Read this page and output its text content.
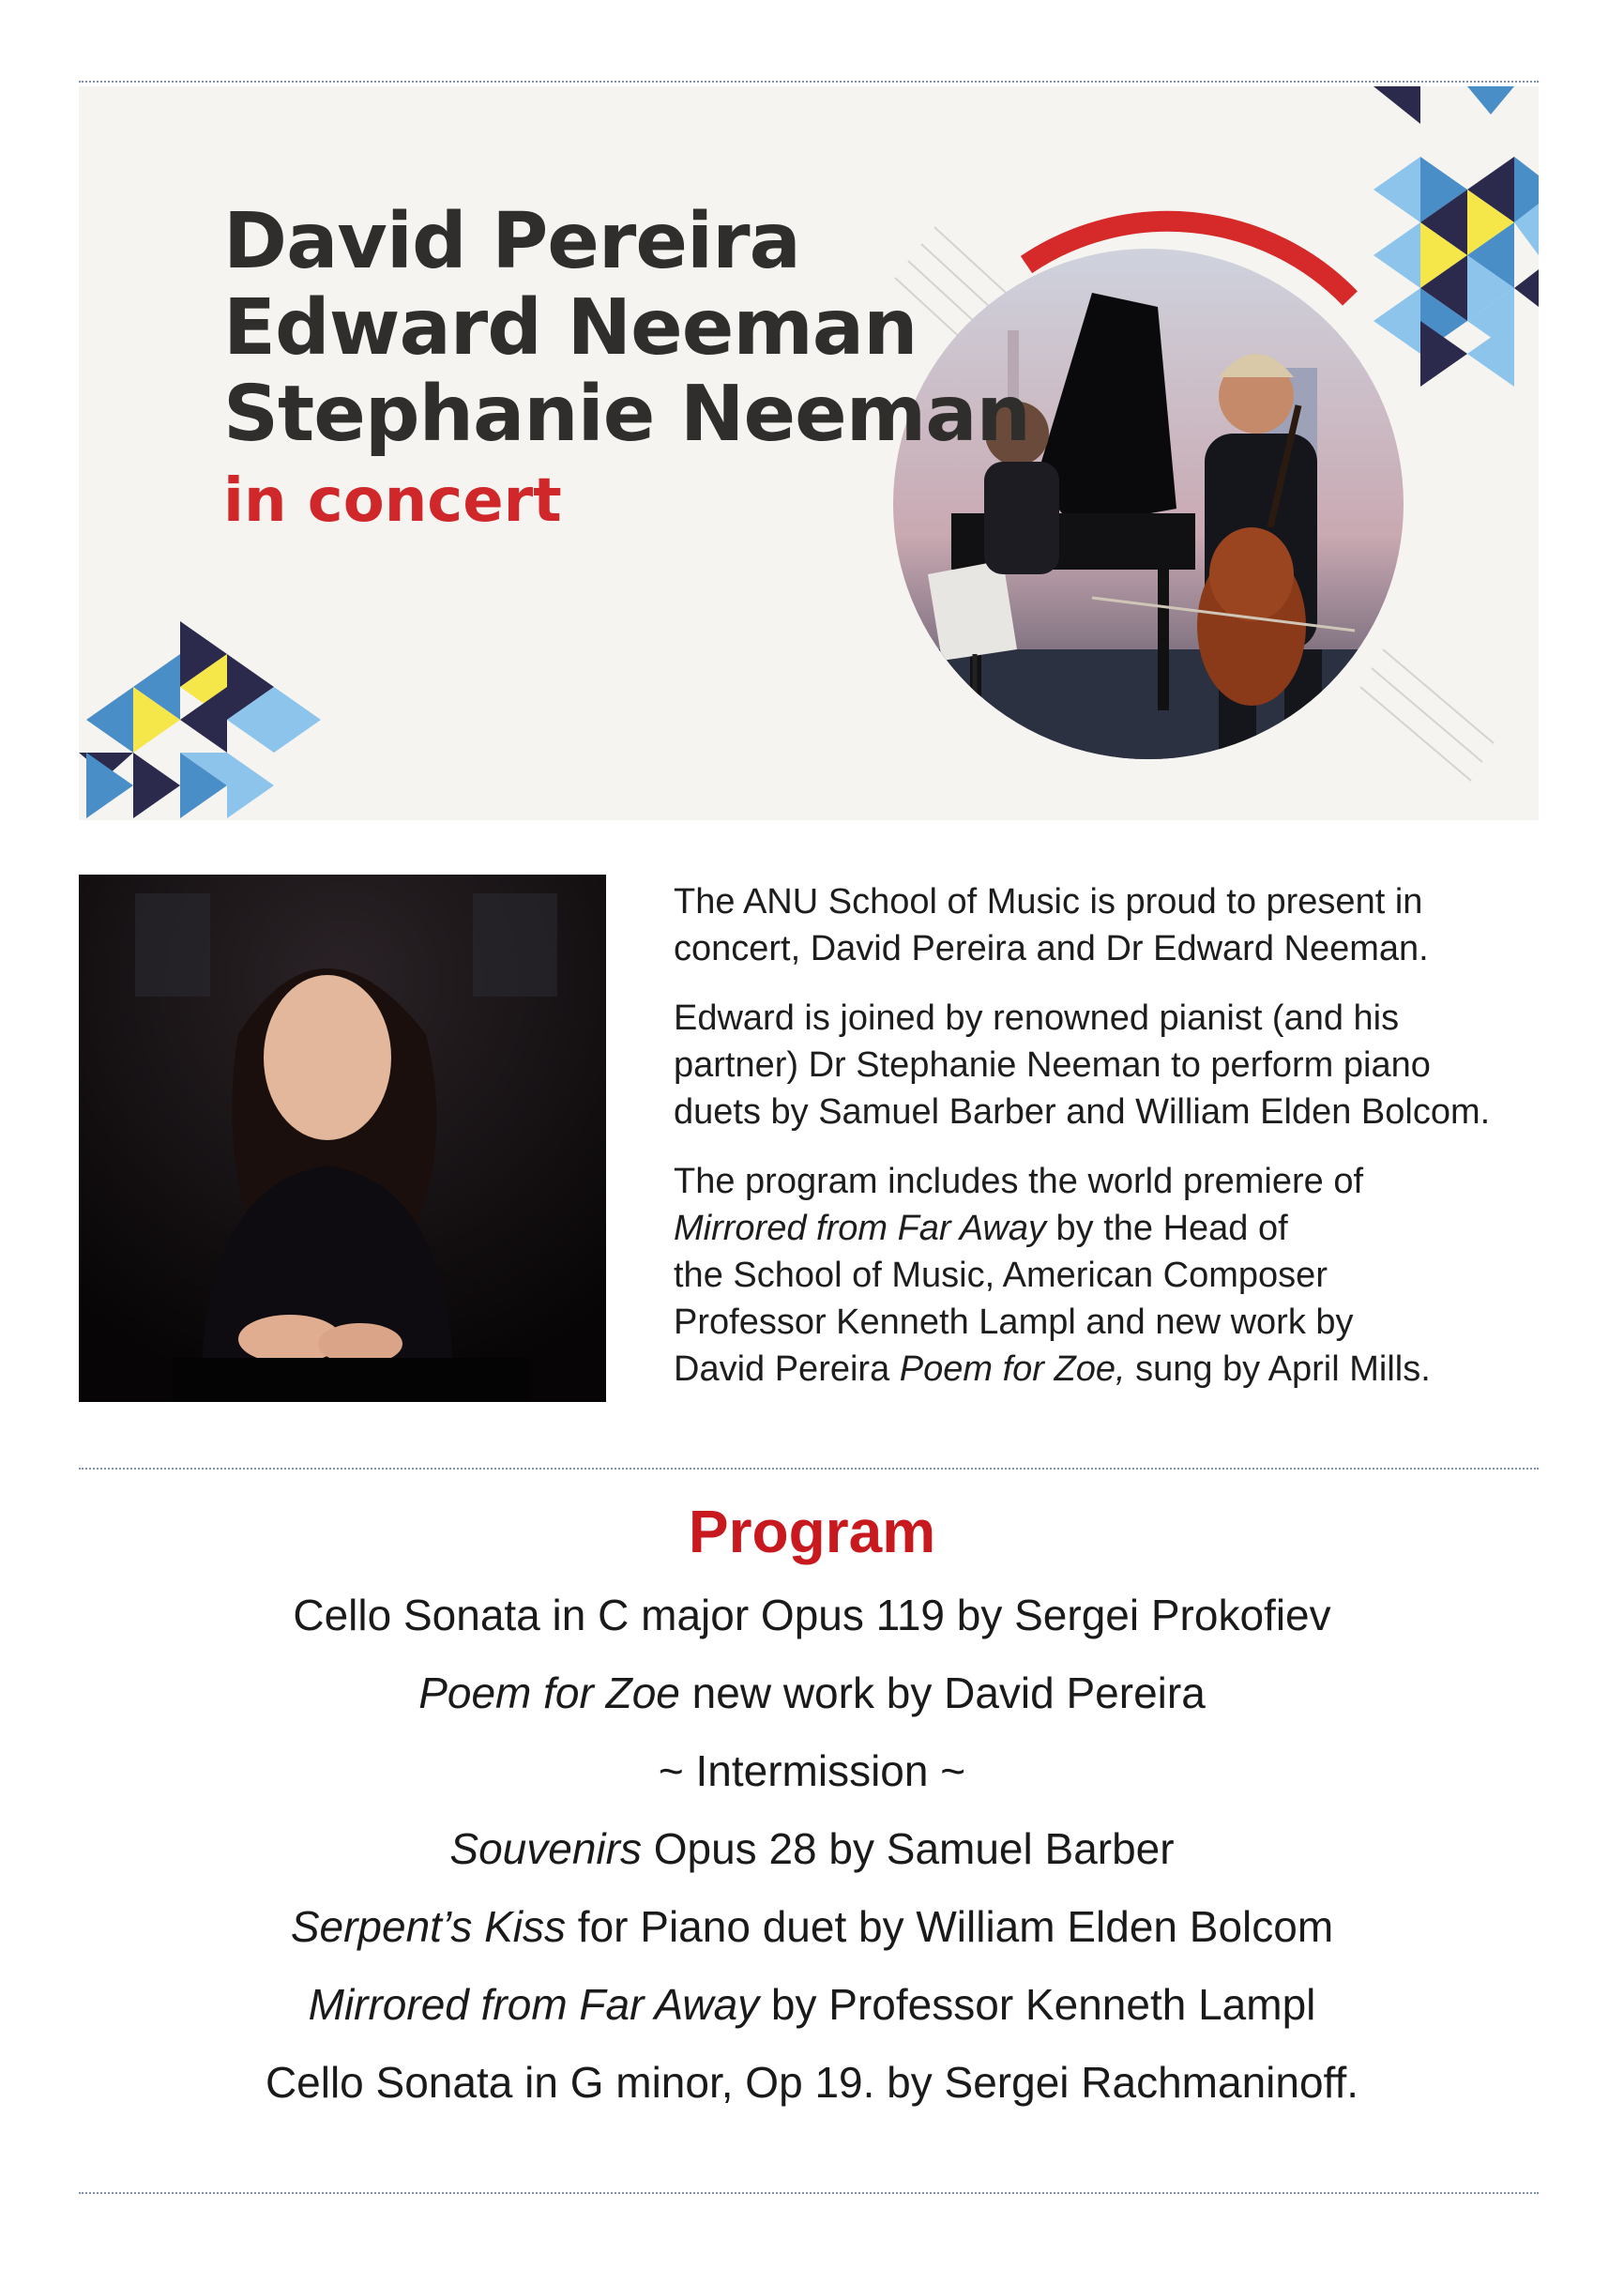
David Pereira
Edward Neeman
Stephanie Neeman
in concert

The ANU School of Music is proud to present in
concert, David Pereira and Dr Edward Neeman.

Edward is joined by renowned pianist (and his
partner) Dr Stephanie Neeman to perform piano
duets by Samuel Barber and William Elden Bolcom.

The program includes the world premiere of
Mirrored from Far Away by the Head of
the School of Music, American Composer
Professor Kenneth Lampl and new work by
David Pereira Poem for Zoe, sung by April Mills.

Program
Cello Sonata in C major Opus 119 by Sergei Prokofiev
Poem for Zoe new work by David Pereira
~ Intermission ~
Souvenirs Opus 28 by Samuel Barber
Serpent’s Kiss for Piano duet by William Elden Bolcom
Mirrored from Far Away by Professor Kenneth Lampl
Cello Sonata in G minor, Op 19. by Sergei Rachmaninoff.
